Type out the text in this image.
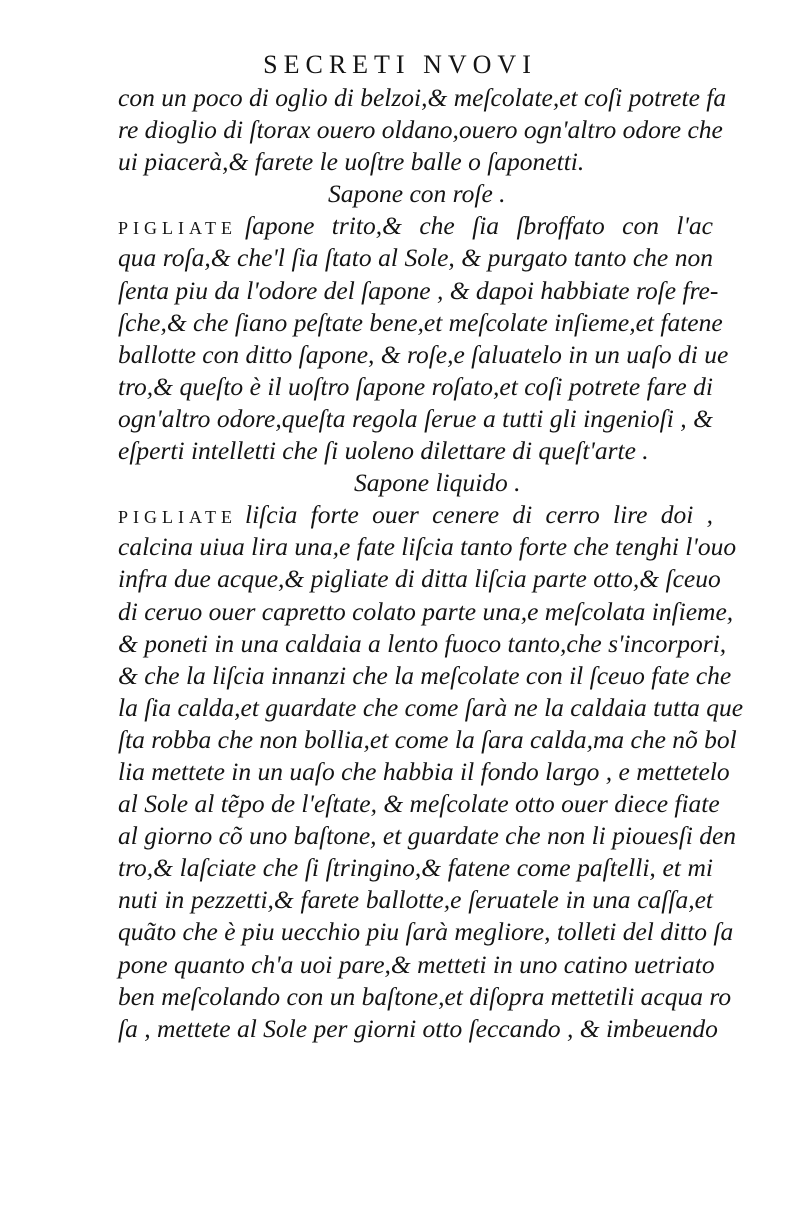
SECRETI NVOVI
con un poco di oglio di belzoi,& meſcolate,et coſi potrete fa
re dioglio di ſtorax ouero oldano,ouero ogn'altro odore che
ui piacerà,& farete le uoſtre balle o ſaponetti.
Sapone con roſe .
PIGLIATE ſapone trito,& che ſia ſbroffato con l'ac
qua roſa,& che'l ſia ſtato al Sole, & purgato tanto che non
ſenta piu da l'odore del ſapone , & dapoi habbiate roſe fre-
ſche,& che ſiano peſtate bene,et meſcolate inſieme,et fatene
ballotte con ditto ſapone, & roſe,e ſaluatelo in un uaſo di ue
tro,& queſto è il uoſtro ſapone roſato,et coſi potrete fare di
ogn'altro odore,queſta regola ſerue a tutti gli ingenioſi , &
eſperti intelletti che ſi uoleno dilettare di queſt'arte .
Sapone liquido .
PIGLIATE liſcia forte ouer cenere di cerro lire doi ,
calcina uiua lira una,e fate liſcia tanto forte che tenghi l'ouo
infra due acque,& pigliate di ditta liſcia parte otto,& ſceuo
di ceruo ouer capretto colato parte una,e meſcolata inſieme,
& poneti in una caldaia a lento fuoco tanto,che s'incorpori,
& che la liſcia innanzi che la meſcolate con il ſceuo fate che
la ſia calda,et guardate che come ſarà ne la caldaia tutta que
ſta robba che non bollia,et come la ſara calda,ma che nõ bol
lia mettete in un uaſo che habbia il fondo largo , e mettetelo
al Sole al tẽpo de l'eſtate, & meſcolate otto ouer diece fiate
al giorno cõ uno baſtone, et guardate che non li piouesſi den
tro,& laſciate che ſi ſtringino,& fatene come paſtelli, et mi
nuti in pezzetti,& farete ballotte,e ſeruatele in una caſſa,et
quãto che è piu uecchio piu ſarà megliore, tolleti del ditto ſa
pone quanto ch'a uoi pare,& metteti in uno catino uetriato
ben meſcolando con un baſtone,et diſopra mettetili acqua ro
ſa , mettete al Sole per giorni otto ſeccando , & imbeuendo
